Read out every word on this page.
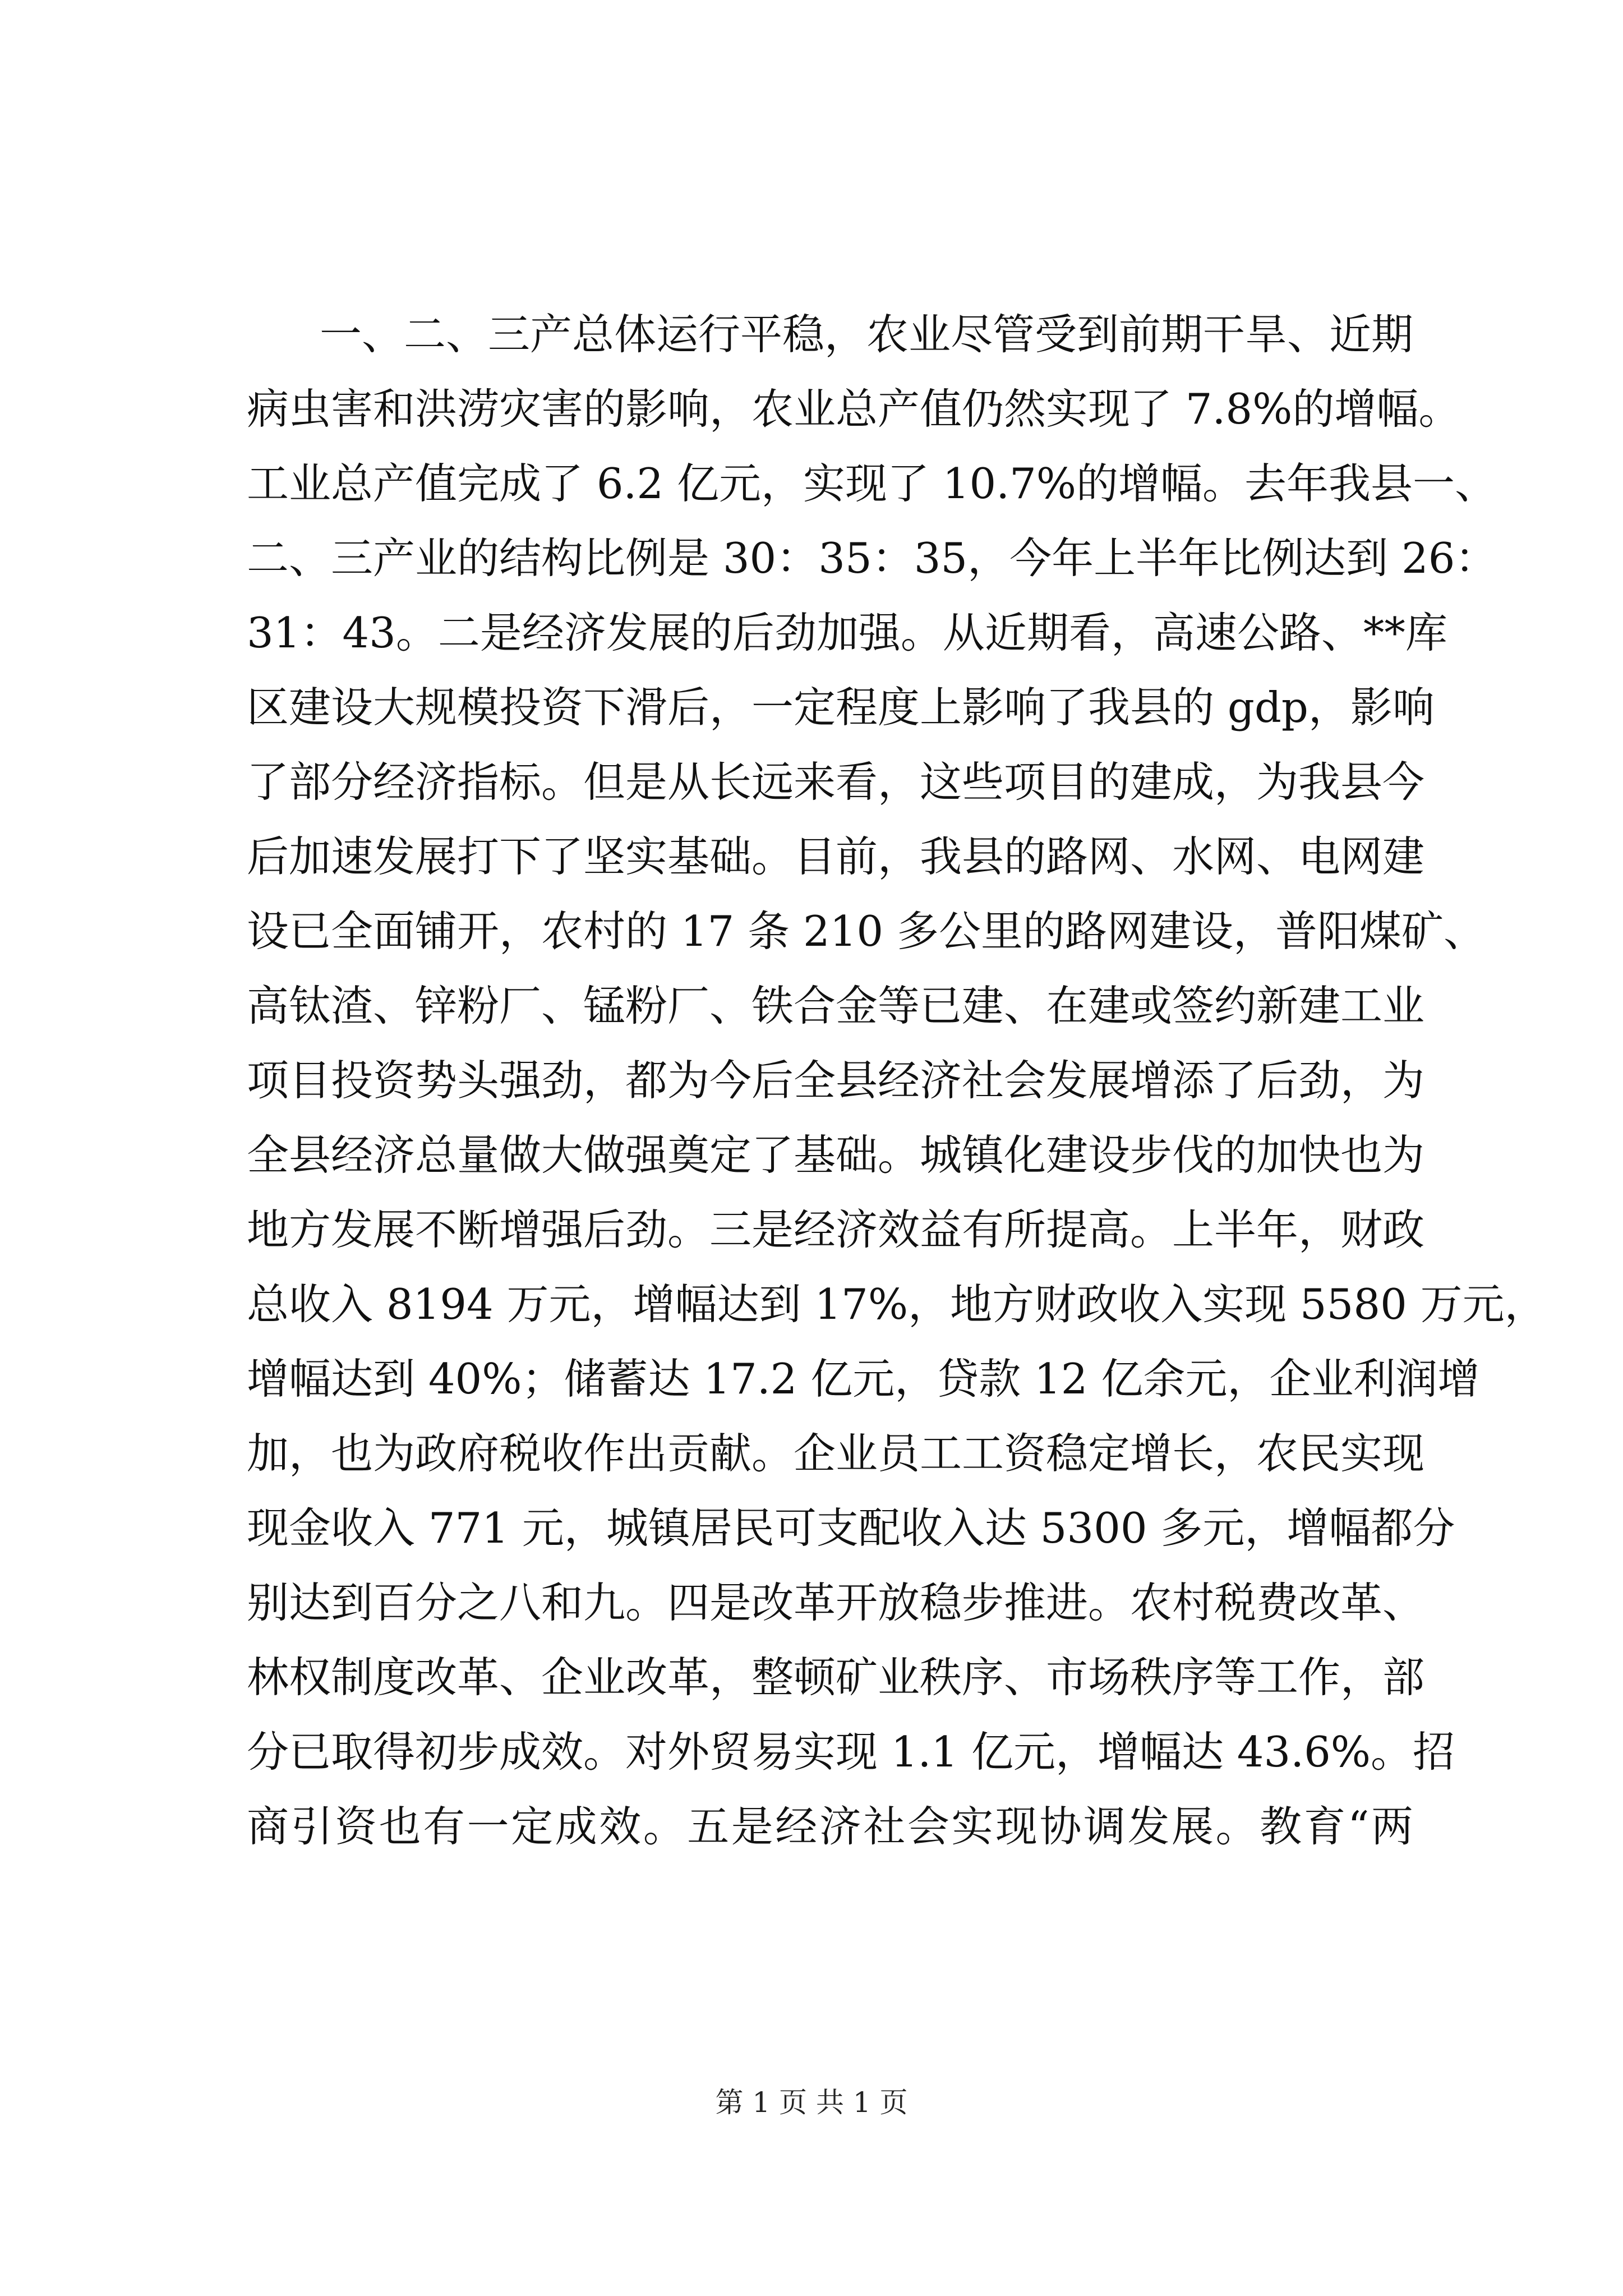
一、二、三产总体运行平稳，农业尽管受到前期干旱、近期
病虫害和洪涝灾害的影响，农业总产值仍然实现了 7.8%的增幅。
工业总产值完成了 6.2 亿元，实现了 10.7%的增幅。去年我县一、
二、三产业的结构比例是 30：35：35，今年上半年比例达到 26：
31：43。二是经济发展的后劲加强。从近期看，高速公路、**库
区建设大规模投资下滑后，一定程度上影响了我县的 gdp，影响
了部分经济指标。但是从长远来看，这些项目的建成，为我县今
后加速发展打下了坚实基础。目前，我县的路网、水网、电网建
设已全面铺开，农村的 17 条 210 多公里的路网建设，普阳煤矿、
高钛渣、锌粉厂、锰粉厂、铁合金等已建、在建或签约新建工业
项目投资势头强劲，都为今后全县经济社会发展增添了后劲，为
全县经济总量做大做强奠定了基础。城镇化建设步伐的加快也为
地方发展不断增强后劲。三是经济效益有所提高。上半年，财政
总收入 8194 万元，增幅达到 17%，地方财政收入实现 5580 万元，
增幅达到 40%；储蓄达 17.2 亿元，贷款 12 亿余元，企业利润增
加，也为政府税收作出贡献。企业员工工资稳定增长，农民实现
现金收入 771 元，城镇居民可支配收入达 5300 多元，增幅都分
别达到百分之八和九。四是改革开放稳步推进。农村税费改革、
林权制度改革、企业改革，整顿矿业秩序、市场秩序等工作，部
分已取得初步成效。对外贸易实现 1.1 亿元，增幅达 43.6%。招
商引资也有一定成效。五是经济社会实现协调发展。教育“两
第 1 页 共 1 页
